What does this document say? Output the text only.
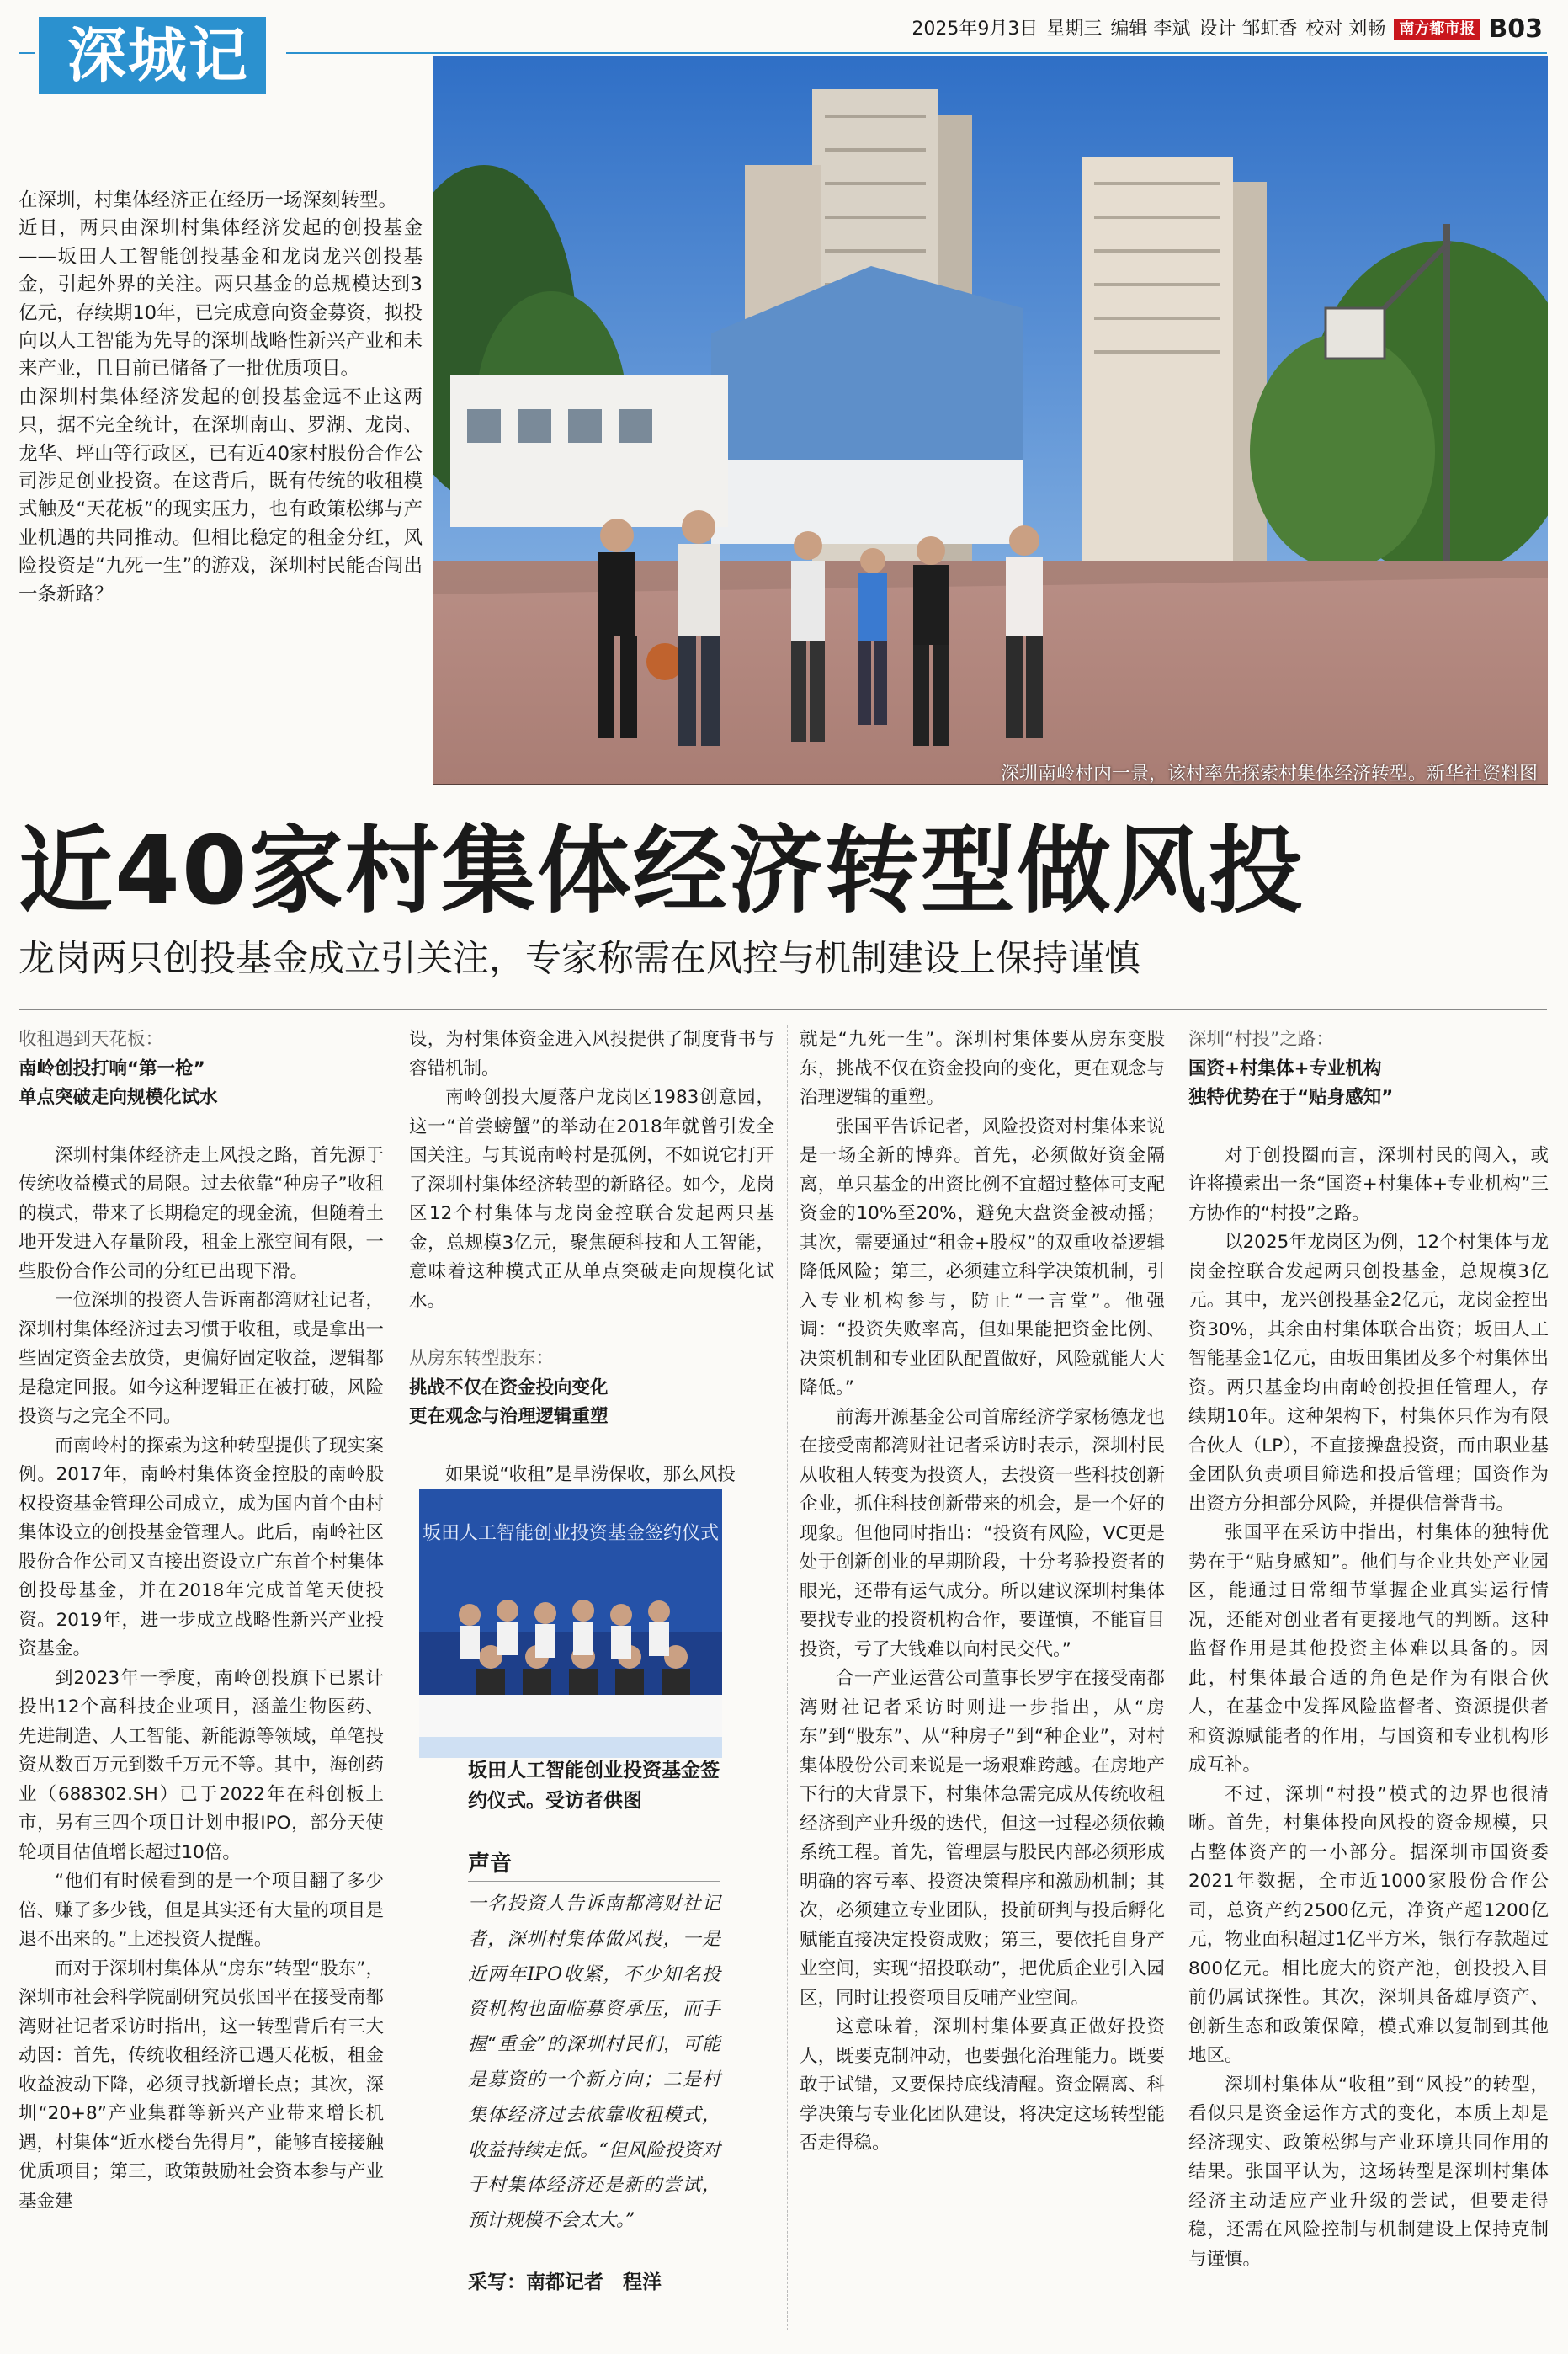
深城记	2025年9月3日 星期三 编辑 李斌 设计 邹虹香 校对 刘畅 南方都市报 B03

在深圳，村集体经济正在经历一场深刻转型。

近日，两只由深圳村集体经济发起的创投基金——坂田人工智能创投基金和龙岗龙兴创投基金，引起外界的关注。两只基金的总规模达到3亿元，存续期10年，已完成意向资金募资，拟投向以人工智能为先导的深圳战略性新兴产业和未来产业，且目前已储备了一批优质项目。

由深圳村集体经济发起的创投基金远不止这两只，据不完全统计，在深圳南山、罗湖、龙岗、龙华、坪山等行政区，已有近40家村股份合作公司涉足创业投资。在这背后，既有传统的收租模式触及“天花板”的现实压力，也有政策松绑与产业机遇的共同推动。但相比稳定的租金分红，风险投资是“九死一生”的游戏，深圳村民能否闯出一条新路？

深圳南岭村内一景，该村率先探索村集体经济转型。新华社资料图
近40家村集体经济转型做风投
龙岗两只创投基金成立引关注，专家称需在风控与机制建设上保持谨慎

收租遇到天花板：

南岭创投打响“第一枪”

单点突破走向规模化试水

深圳村集体经济走上风投之路，首先源于传统收益模式的局限。过去依靠“种房子”收租的模式，带来了长期稳定的现金流，但随着土地开发进入存量阶段，租金上涨空间有限，一些股份合作公司的分红已出现下滑。

一位深圳的投资人告诉南都湾财社记者，深圳村集体经济过去习惯于收租，或是拿出一些固定资金去放贷，更偏好固定收益，逻辑都是稳定回报。如今这种逻辑正在被打破，风险投资与之完全不同。

而南岭村的探索为这种转型提供了现实案例。2017年，南岭村集体资金控股的南岭股权投资基金管理公司成立，成为国内首个由村集体设立的创投基金管理人。此后，南岭社区股份合作公司又直接出资设立广东首个村集体创投母基金，并在2018年完成首笔天使投资。2019年，进一步成立战略性新兴产业投资基金。

到2023年一季度，南岭创投旗下已累计投出12个高科技企业项目，涵盖生物医药、先进制造、人工智能、新能源等领域，单笔投资从数百万元到数千万元不等。其中，海创药业（688302.SH）已于2022年在科创板上市，另有三四个项目计划申报IPO，部分天使轮项目估值增长超过10倍。

“他们有时候看到的是一个项目翻了多少倍、赚了多少钱，但是其实还有大量的项目是退不出来的。”上述投资人提醒。

而对于深圳村集体从“房东”转型“股东”，深圳市社会科学院副研究员张国平在接受南都湾财社记者采访时指出，这一转型背后有三大动因：首先，传统收租经济已遇天花板，租金收益波动下降，必须寻找新增长点；其次，深圳“20+8”产业集群等新兴产业带来增长机遇，村集体“近水楼台先得月”，能够直接接触优质项目；第三，政策鼓励社会资本参与产业基金建

设，为村集体资金进入风投提供了制度背书与容错机制。

南岭创投大厦落户龙岗区1983创意园，这一“首尝螃蟹”的举动在2018年就曾引发全国关注。与其说南岭村是孤例，不如说它打开了深圳村集体经济转型的新路径。如今，龙岗区12个村集体与龙岗金控联合发起两只基金，总规模3亿元，聚焦硬科技和人工智能，意味着这种模式正从单点突破走向规模化试水。

从房东转型股东：

挑战不仅在资金投向变化

更在观念与治理逻辑重塑

如果说“收租”是旱涝保收，那么风投

坂田人工智能创业投资基金签约仪式
坂田人工智能创业投资基金签约仪式。受访者供图
声音
一名投资人告诉南都湾财社记者，深圳村集体做风投，一是近两年IPO收紧，不少知名投资机构也面临募资承压，而手握“重金”的深圳村民们，可能是募资的一个新方向；二是村集体经济过去依靠收租模式，收益持续走低。“但风险投资对于村集体经济还是新的尝试，预计规模不会太大。”
采写：南都记者　程洋

就是“九死一生”。深圳村集体要从房东变股东，挑战不仅在资金投向的变化，更在观念与治理逻辑的重塑。

张国平告诉记者，风险投资对村集体来说是一场全新的博弈。首先，必须做好资金隔离，单只基金的出资比例不宜超过整体可支配资金的10%至20%，避免大盘资金被动摇；其次，需要通过“租金+股权”的双重收益逻辑降低风险；第三，必须建立科学决策机制，引入专业机构参与，防止“一言堂”。他强调：“投资失败率高，但如果能把资金比例、决策机制和专业团队配置做好，风险就能大大降低。”

前海开源基金公司首席经济学家杨德龙也在接受南都湾财社记者采访时表示，深圳村民从收租人转变为投资人，去投资一些科技创新企业，抓住科技创新带来的机会，是一个好的现象。但他同时指出：“投资有风险，VC更是处于创新创业的早期阶段，十分考验投资者的眼光，还带有运气成分。所以建议深圳村集体要找专业的投资机构合作，要谨慎，不能盲目投资，亏了大钱难以向村民交代。”

合一产业运营公司董事长罗宇在接受南都湾财社记者采访时则进一步指出，从“房东”到“股东”、从“种房子”到“种企业”，对村集体股份公司来说是一场艰难跨越。在房地产下行的大背景下，村集体急需完成从传统收租经济到产业升级的迭代，但这一过程必须依赖系统工程。首先，管理层与股民内部必须形成明确的容亏率、投资决策程序和激励机制；其次，必须建立专业团队，投前研判与投后孵化赋能直接决定投资成败；第三，要依托自身产业空间，实现“招投联动”，把优质企业引入园区，同时让投资项目反哺产业空间。

这意味着，深圳村集体要真正做好投资人，既要克制冲动，也要强化治理能力。既要敢于试错，又要保持底线清醒。资金隔离、科学决策与专业化团队建设，将决定这场转型能否走得稳。

深圳“村投”之路：

国资+村集体+专业机构

独特优势在于“贴身感知”

对于创投圈而言，深圳村民的闯入，或许将摸索出一条“国资+村集体+专业机构”三方协作的“村投”之路。

以2025年龙岗区为例，12个村集体与龙岗金控联合发起两只创投基金，总规模3亿元。其中，龙兴创投基金2亿元，龙岗金控出资30%，其余由村集体联合出资；坂田人工智能基金1亿元，由坂田集团及多个村集体出资。两只基金均由南岭创投担任管理人，存续期10年。这种架构下，村集体只作为有限合伙人（LP），不直接操盘投资，而由职业基金团队负责项目筛选和投后管理；国资作为出资方分担部分风险，并提供信誉背书。

张国平在采访中指出，村集体的独特优势在于“贴身感知”。他们与企业共处产业园区，能通过日常细节掌握企业真实运行情况，还能对创业者有更接地气的判断。这种监督作用是其他投资主体难以具备的。因此，村集体最合适的角色是作为有限合伙人，在基金中发挥风险监督者、资源提供者和资源赋能者的作用，与国资和专业机构形成互补。

不过，深圳“村投”模式的边界也很清晰。首先，村集体投向风投的资金规模，只占整体资产的一小部分。据深圳市国资委2021年数据，全市近1000家股份合作公司，总资产约2500亿元，净资产超1200亿元，物业面积超过1亿平方米，银行存款超过800亿元。相比庞大的资产池，创投投入目前仍属试探性。其次，深圳具备雄厚资产、创新生态和政策保障，模式难以复制到其他地区。

深圳村集体从“收租”到“风投”的转型，看似只是资金运作方式的变化，本质上却是经济现实、政策松绑与产业环境共同作用的结果。张国平认为，这场转型是深圳村集体经济主动适应产业升级的尝试，但要走得稳，还需在风险控制与机制建设上保持克制与谨慎。
